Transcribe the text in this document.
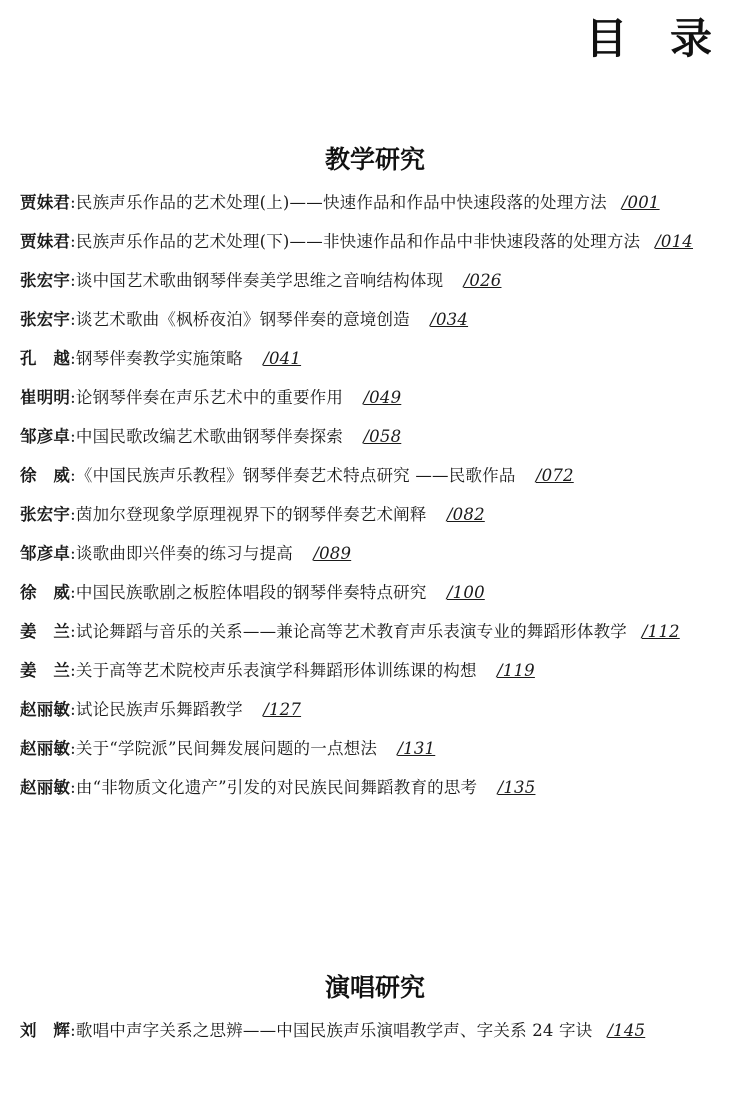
目 录
教学研究
贾妹君:民族声乐作品的艺术处理(上)——快速作品和作品中快速段落的处理方法 /001
贾妹君:民族声乐作品的艺术处理(下)——非快速作品和作品中非快速段落的处理方法 /014
张宏宇:谈中国艺术歌曲钢琴伴奏美学思维之音响结构体现 /026
张宏宇:谈艺术歌曲《枫桥夜泊》钢琴伴奏的意境创造 /034
孔　越:钢琴伴奏教学实施策略 /041
崔明明:论钢琴伴奏在声乐艺术中的重要作用 /049
邹彦卓:中国民歌改编艺术歌曲钢琴伴奏探索 /058
徐　威:《中国民族声乐教程》钢琴伴奏艺术特点研究 ——民歌作品 /072
张宏宇:茵加尔登现象学原理视界下的钢琴伴奏艺术阐释 /082
邹彦卓:谈歌曲即兴伴奏的练习与提高 /089
徐　威:中国民族歌剧之板腔体唱段的钢琴伴奏特点研究 /100
姜　兰:试论舞蹈与音乐的关系——兼论高等艺术教育声乐表演专业的舞蹈形体教学 /112
姜　兰:关于高等艺术院校声乐表演学科舞蹈形体训练课的构想 /119
赵丽敏:试论民族声乐舞蹈教学 /127
赵丽敏:关于“学院派”民间舞发展问题的一点想法 /131
赵丽敏:由“非物质文化遗产”引发的对民族民间舞蹈教育的思考 /135
演唱研究
刘　辉:歌唱中声字关系之思辨——中国民族声乐演唱教学声、字关系 24 字诀 /145
